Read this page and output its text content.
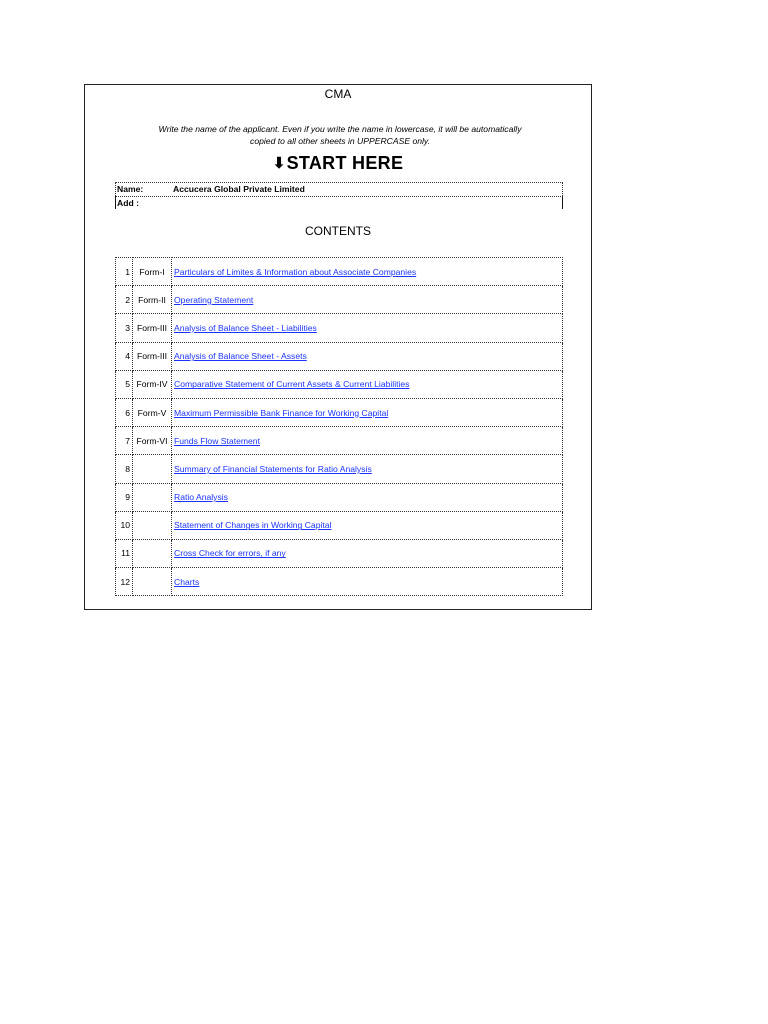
CMA
Write the name of the applicant. Even if you write the name in lowercase, it will be automatically
copied to all other sheets in UPPERCASE only.
⬇START HERE
Name:	Accucera Global Private Limited
Add :
CONTENTS
1	Form-I	Particulars of Limites & Information about Associate Companies
2	Form-II	Operating Statement
3	Form-III	Analysis of Balance Sheet - Liabilities
4	Form-III	Analysis of Balance Sheet - Assets
5	Form-IV	Comparative Statement of Current Assets & Current Liabilities
6	Form-V	Maximum Permissible Bank Finance for Working Capital
7	Form-VI	Funds Flow Statement
8		Summary of Financial Statements for Ratio Analysis
9		Ratio Analysis
10		Statement of Changes in Working Capital
11		Cross Check for errors, if any
12		Charts
